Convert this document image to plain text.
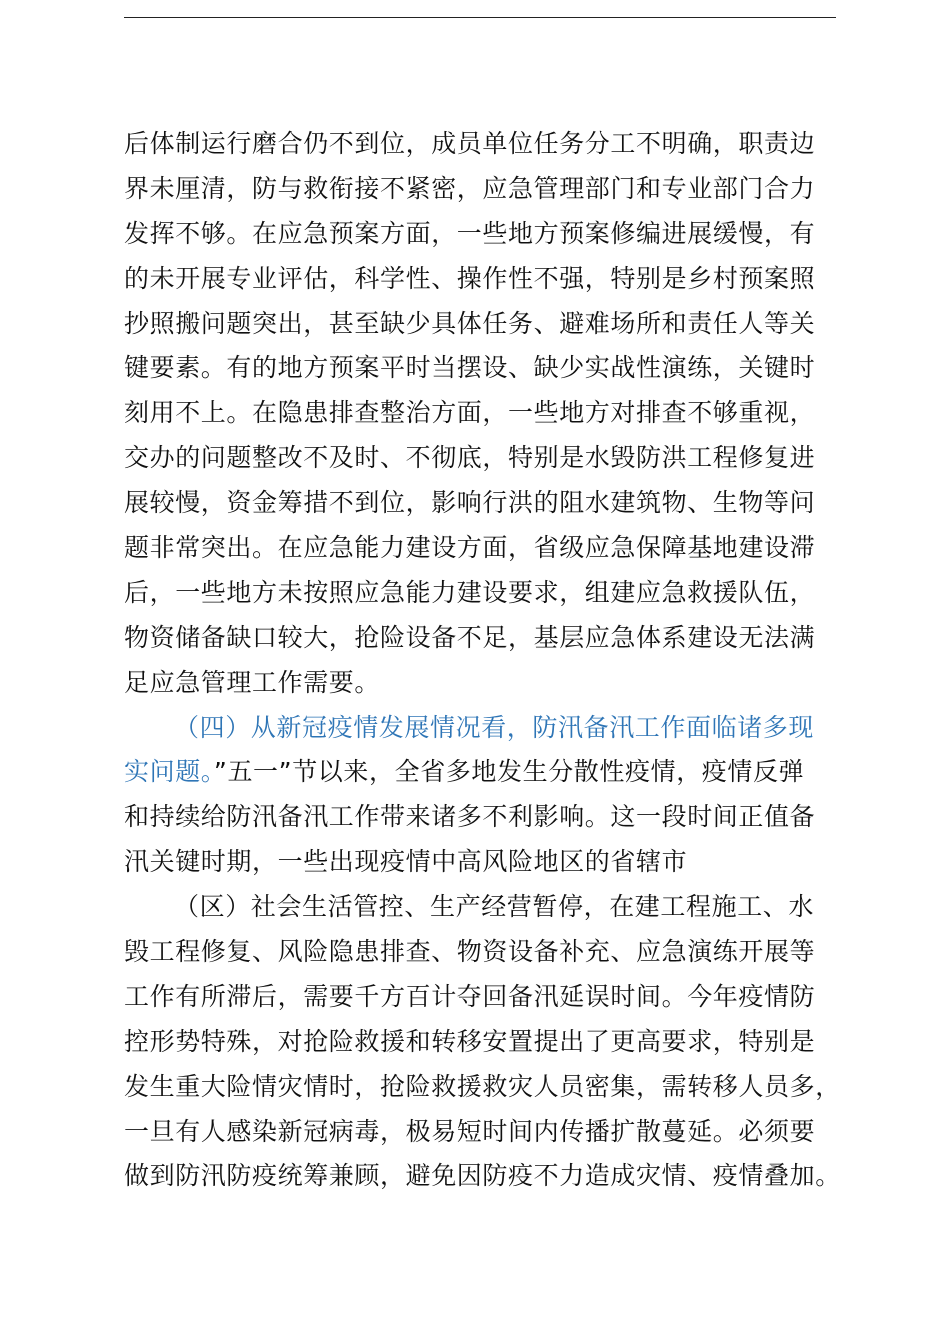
后体制运行磨合仍不到位，成员单位任务分工不明确，职责边
界未厘清，防与救衔接不紧密，应急管理部门和专业部门合力
发挥不够。在应急预案方面，一些地方预案修编进展缓慢，有
的未开展专业评估，科学性、操作性不强，特别是乡村预案照
抄照搬问题突出，甚至缺少具体任务、避难场所和责任人等关
键要素。有的地方预案平时当摆设、缺少实战性演练，关键时
刻用不上。在隐患排查整治方面，一些地方对排查不够重视，
交办的问题整改不及时、不彻底，特别是水毁防洪工程修复进
展较慢，资金筹措不到位，影响行洪的阻水建筑物、生物等问
题非常突出。在应急能力建设方面，省级应急保障基地建设滞
后，一些地方未按照应急能力建设要求，组建应急救援队伍，
物资储备缺口较大，抢险设备不足，基层应急体系建设无法满
足应急管理工作需要。
（四）从新冠疫情发展情况看，防汛备汛工作面临诸多现
实问题。”五一”节以来，全省多地发生分散性疫情，疫情反弹
和持续给防汛备汛工作带来诸多不利影响。这一段时间正值备
汛关键时期，一些出现疫情中高风险地区的省辖市
（区）社会生活管控、生产经营暂停，在建工程施工、水
毁工程修复、风险隐患排查、物资设备补充、应急演练开展等
工作有所滞后，需要千方百计夺回备汛延误时间。今年疫情防
控形势特殊，对抢险救援和转移安置提出了更高要求，特别是
发生重大险情灾情时，抢险救援救灾人员密集，需转移人员多，
一旦有人感染新冠病毒，极易短时间内传播扩散蔓延。必须要
做到防汛防疫统筹兼顾，避免因防疫不力造成灾情、疫情叠加。
